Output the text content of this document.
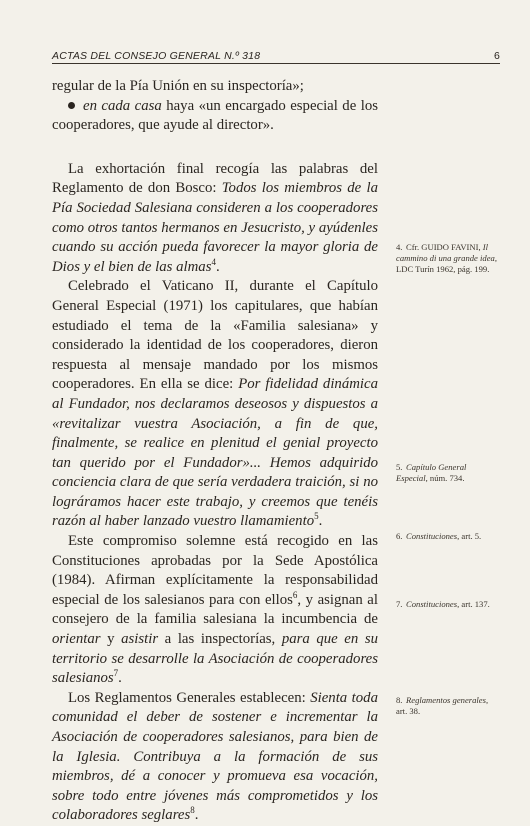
ACTAS DEL CONSEJO GENERAL N.º 318	6

regular de la Pía Unión en su inspectoría»;

en cada casa haya «un encargado especial de los cooperadores, que ayude al director».

La exhortación final recogía las palabras del Reglamento de don Bosco: Todos los miembros de la Pía Sociedad Salesiana consideren a los cooperadores como otros tantos hermanos en Jesucristo, y ayúdenles cuando su acción pueda favorecer la mayor gloria de Dios y el bien de las almas$^4$.

Celebrado el Vaticano II, durante el Capítulo General Especial (1971) los capitulares, que habían estudiado el tema de la «Familia salesiana» y considerado la identidad de los cooperadores, dieron respuesta al mensaje mandado por los mismos cooperadores. En ella se dice: Por fidelidad dinámica al Fundador, nos declaramos deseosos y dispuestos a «revitalizar vuestra Asociación, a fin de que, finalmente, se realice en plenitud el genial proyecto tan querido por el Fundador»... Hemos adquirido conciencia clara de que sería verdadera traición, si no lográramos hacer este trabajo, y creemos que tenéis razón al haber lanzado vuestro llamamiento$^5$.

Este compromiso solemne está recogido en las Constituciones aprobadas por la Sede Apostólica (1984). Afirman explícitamente la responsabilidad especial de los salesianos para con ellos$^6$, y asignan al consejero de la familia salesiana la incumbencia de orientar y asistir a las inspectorías, para que en su territorio se desarrolle la Asociación de cooperadores salesianos$^7$.

Los Reglamentos Generales establecen: Sienta toda comunidad el deber de sostener e incrementar la Asociación de cooperadores salesianos, para bien de la Iglesia. Contribuya a la formación de sus miembros, dé a conocer y promueva esa vocación, sobre todo entre jóvenes más comprometidos y los colaboradores seglares$^8$.

4. Cfr. GUIDO FAVINI, Il cammino di una grande idea, LDC Turín 1962, pág. 199.
5. Capítulo General Especial, núm. 734.
6. Constituciones, art. 5.
7. Constituciones, art. 137.
8. Reglamentos generales, art. 38.
